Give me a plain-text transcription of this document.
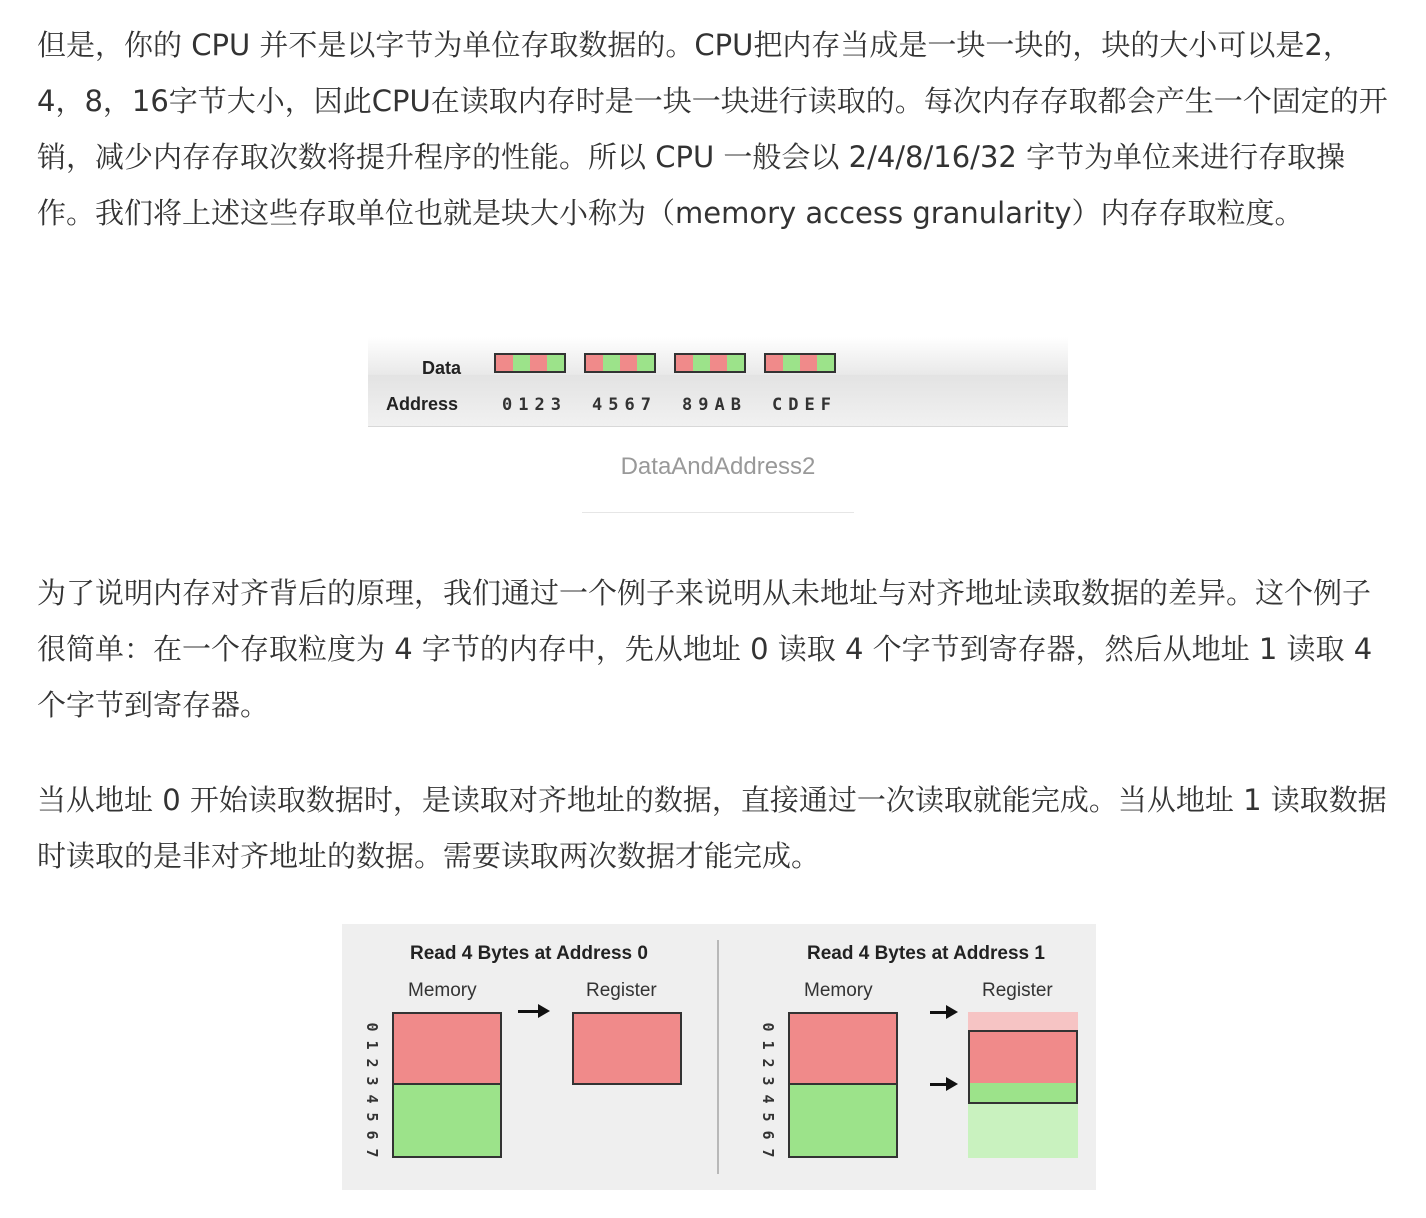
但是，你的 CPU 并不是以字节为单位存取数据的。CPU把内存当成是一块一块的，块的大小可以是2，4，8，16字节大小，因此CPU在读取内存时是一块一块进行读取的。每次内存存取都会产生一个固定的开销，减少内存存取次数将提升程序的性能。所以 CPU 一般会以 2/4/8/16/32 字节为单位来进行存取操作。我们将上述这些存取单位也就是块大小称为（memory access granularity）内存存取粒度。

Data
Address	0123 4567 89AB CDEF
DataAndAddress2

为了说明内存对齐背后的原理，我们通过一个例子来说明从未地址与对齐地址读取数据的差异。这个例子很简单：在一个存取粒度为 4 字节的内存中，先从地址 0 读取 4 个字节到寄存器，然后从地址 1 读取 4 个字节到寄存器。

当从地址 0 开始读取数据时，是读取对齐地址的数据，直接通过一次读取就能完成。当从地址 1 读取数据时读取的是非对齐地址的数据。需要读取两次数据才能完成。

Read 4 Bytes at Address 0
Memory	Register
0
1
2
3
4
5
6
7
Read 4 Bytes at Address 1
Memory	Register
0
1
2
3
4
5
6
7
